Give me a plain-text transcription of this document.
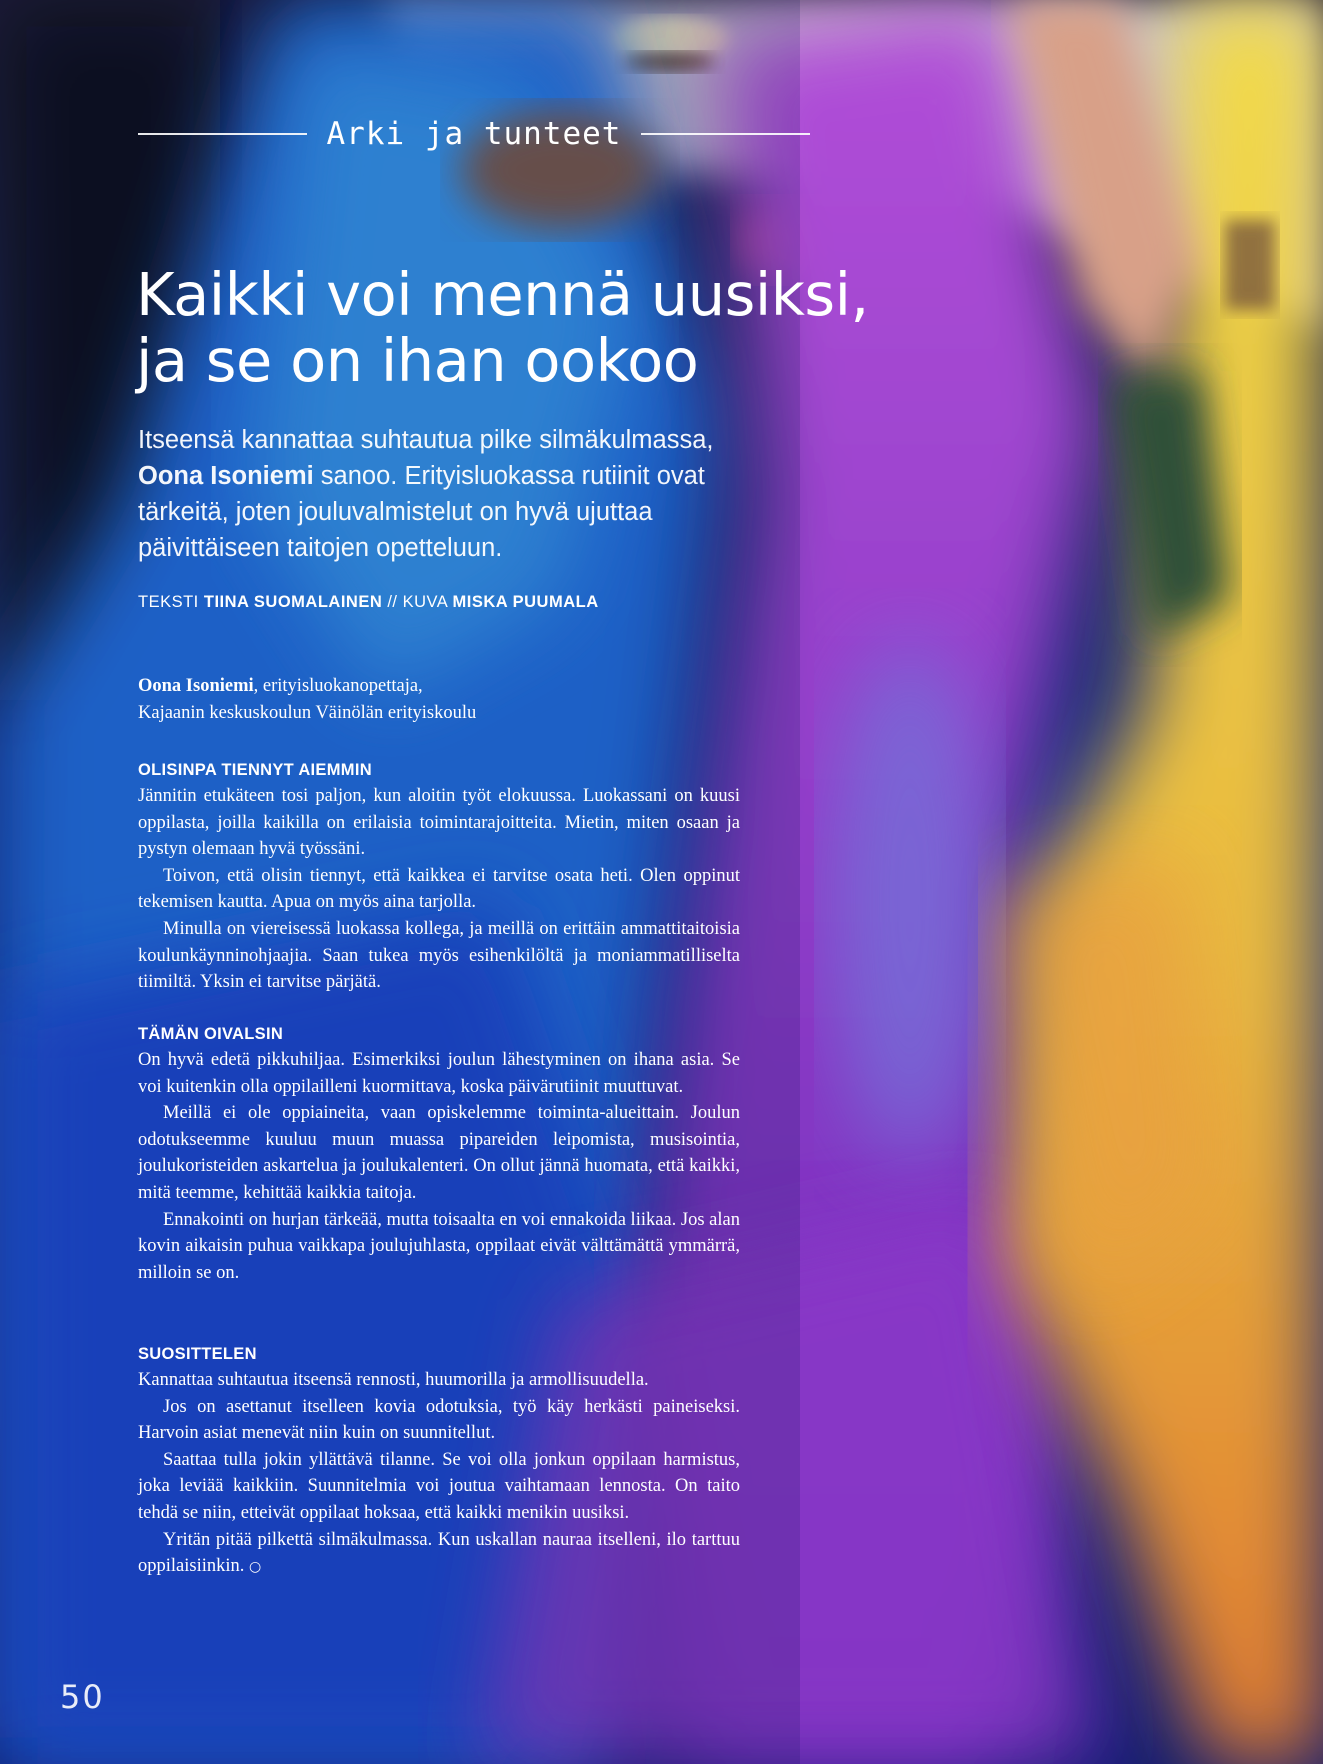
Arki ja tunteet
Kaikki voi mennä uusiksi,
ja se on ihan ookoo

Itseensä kannattaa suhtautua pilke silmäkulmassa,
Oona Isoniemi sanoo. Erityisluokassa rutiinit ovat tärkeitä, joten jouluvalmistelut on hyvä ujuttaa päivittäiseen taitojen opetteluun.

TEKSTI TIINA SUOMALAINEN // KUVA MISKA PUUMALA
Oona Isoniemi, erityisluokanopettaja,
Kajaanin keskuskoulun Väinölän erityiskoulu
OLISINPA TIENNYT AIEMMIN

Jännitin etukäteen tosi paljon, kun aloitin työt elokuussa. Luokassani on kuusi oppilasta, joilla kaikilla on erilaisia toimintarajoitteita. Mietin, miten osaan ja pystyn olemaan hyvä työssäni.

Toivon, että olisin tiennyt, että kaikkea ei tarvitse osata heti. Olen oppinut tekemisen kautta. Apua on myös aina tarjolla.

Minulla on viereisessä luokassa kollega, ja meillä on erittäin ammattitaitoisia koulunkäynninohjaajia. Saan tukea myös esihenkilöltä ja moniammatilliselta tiimiltä. Yksin ei tarvitse pärjätä.

TÄMÄN OIVALSIN

On hyvä edetä pikkuhiljaa. Esimerkiksi joulun lähestyminen on ihana asia. Se voi kuitenkin olla oppilailleni kuormittava, koska päivärutiinit muuttuvat.

Meillä ei ole oppiaineita, vaan opiskelemme toiminta-alueittain. Joulun odotukseemme kuuluu muun muassa pipareiden leipomista, musisointia, joulukoristeiden askartelua ja joulukalenteri. On ollut jännä huomata, että kaikki, mitä teemme, kehittää kaikkia taitoja.

Ennakointi on hurjan tärkeää, mutta toisaalta en voi ennakoida liikaa. Jos alan kovin aikaisin puhua vaikkapa joulujuhlasta, oppilaat eivät välttämättä ymmärrä, milloin se on.

SUOSITTELEN

Kannattaa suhtautua itseensä rennosti, huumorilla ja armollisuudella.

Jos on asettanut itselleen kovia odotuksia, työ käy herkästi paineiseksi. Harvoin asiat menevät niin kuin on suunnitellut.

Saattaa tulla jokin yllättävä tilanne. Se voi olla jonkun oppilaan harmistus, joka leviää kaikkiin. Suunnitelmia voi joutua vaihtamaan lennosta. On taito tehdä se niin, etteivät oppilaat hoksaa, että kaikki menikin uusiksi.

Yritän pitää pilkettä silmäkulmassa. Kun uskallan nauraa itselleni, ilo tarttuu oppilaisiinkin. ○

50
